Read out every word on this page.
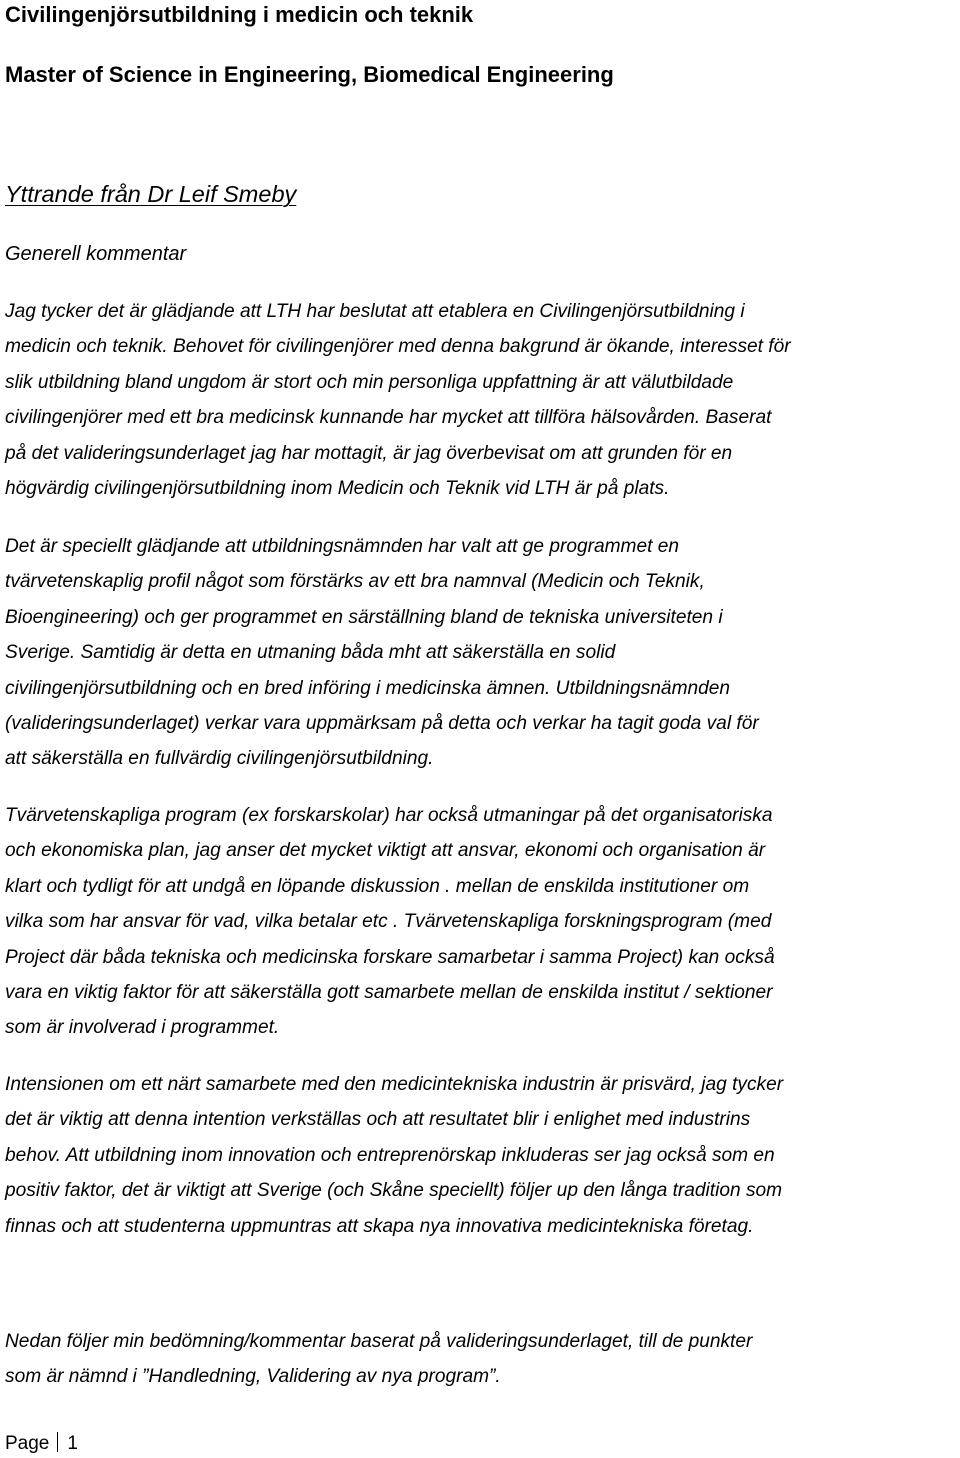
Civilingenjörsutbildning i medicin och teknik
Master of Science in Engineering, Biomedical Engineering
Yttrande från Dr Leif Smeby
Generell kommentar

Jag tycker det är glädjande att LTH har beslutat att etablera en Civilingenjörsutbildning i
medicin och teknik. Behovet för civilingenjörer med denna bakgrund är ökande, interesset för
slik utbildning bland ungdom är stort och min personliga uppfattning är att välutbildade
civilingenjörer med ett bra medicinsk kunnande har mycket att tillföra hälsovården. Baserat
på det valideringsunderlaget jag har mottagit, är jag överbevisat om att grunden för en
högvärdig civilingenjörsutbildning inom Medicin och Teknik vid LTH är på plats.

Det är speciellt glädjande att utbildningsnämnden har valt att ge programmet en
tvärvetenskaplig profil något som förstärks av ett bra namnval (Medicin och Teknik,
Bioengineering) och ger programmet en särställning bland de tekniska universiteten i
Sverige. Samtidig är detta en utmaning båda mht att säkerställa en solid
civilingenjörsutbildning och en bred införing i medicinska ämnen. Utbildningsnämnden
(valideringsunderlaget) verkar vara uppmärksam på detta och verkar ha tagit goda val för
att säkerställa en fullvärdig civilingenjörsutbildning.

Tvärvetenskapliga program (ex forskarskolar) har också utmaningar på det organisatoriska
och ekonomiska plan, jag anser det mycket viktigt att ansvar, ekonomi och organisation är
klart och tydligt för att undgå en löpande diskussion . mellan de enskilda institutioner om
vilka som har ansvar för vad, vilka betalar etc . Tvärvetenskapliga forskningsprogram (med
Project där båda tekniska och medicinska forskare samarbetar i samma Project) kan också
vara en viktig faktor för att säkerställa gott samarbete mellan de enskilda institut / sektioner
som är involverad i programmet.

Intensionen om ett närt samarbete med den medicintekniska industrin är prisvärd, jag tycker
det är viktig att denna intention verkställas och att resultatet blir i enlighet med industrins
behov. Att utbildning inom innovation och entreprenörskap inkluderas ser jag också som en
positiv faktor, det är viktigt att Sverige (och Skåne speciellt) följer up den långa tradition som
finnas och att studenterna uppmuntras att skapa nya innovativa medicintekniska företag.

Nedan följer min bedömning/kommentar baserat på valideringsunderlaget, till de punkter
som är nämnd i ”Handledning, Validering av nya program”.

Page 1
